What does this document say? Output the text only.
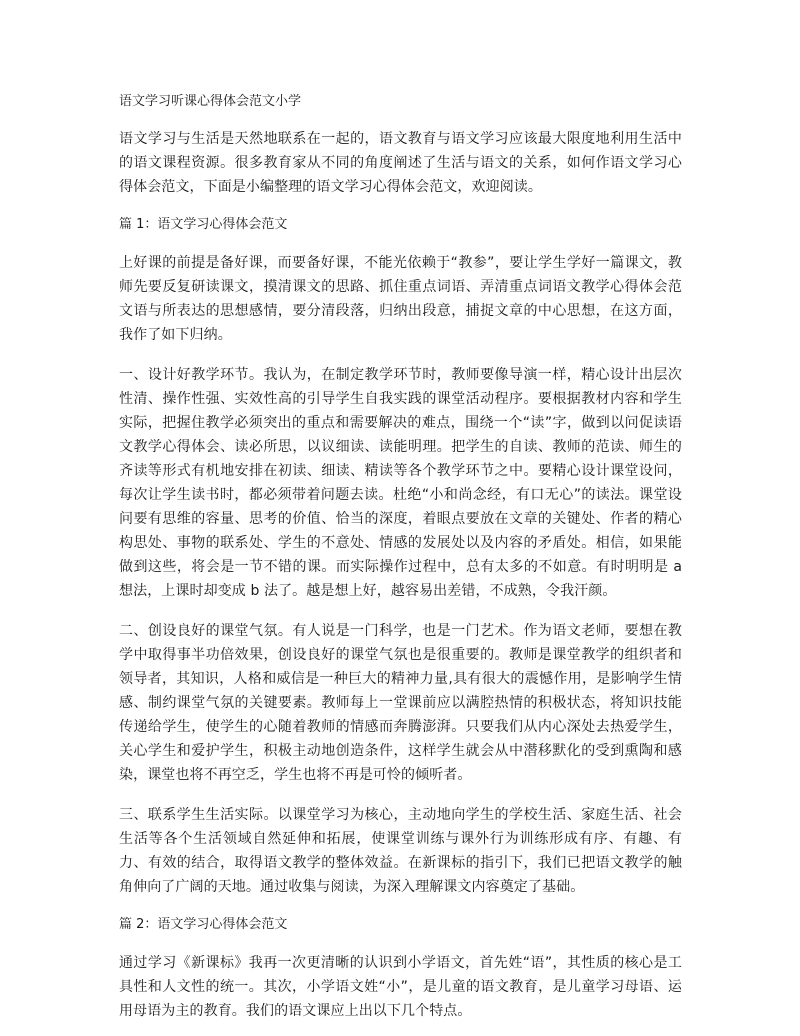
语文学习听课心得体会范文小学

语文学习与生活是天然地联系在一起的，语文教育与语文学习应该最大限度地利用生活中的语文课程资源。很多教育家从不同的角度阐述了生活与语文的关系，如何作语文学习心得体会范文，下面是小编整理的语文学习心得体会范文，欢迎阅读。

篇 1：语文学习心得体会范文

上好课的前提是备好课，而要备好课，不能光依赖于“教参”，要让学生学好一篇课文，教师先要反复研读课文，摸清课文的思路、抓住重点词语、弄清重点词语文教学心得体会范文语与所表达的思想感情，要分清段落，归纳出段意，捕捉文章的中心思想，在这方面，我作了如下归纳。

一、设计好教学环节。我认为，在制定教学环节时，教师要像导演一样，精心设计出层次性清、操作性强、实效性高的引导学生自我实践的课堂活动程序。要根据教材内容和学生实际，把握住教学必须突出的重点和需要解决的难点，围绕一个“读”字，做到以问促读语文教学心得体会、读必所思，以议细读、读能明理。把学生的自读、教师的范读、师生的齐读等形式有机地安排在初读、细读、精读等各个教学环节之中。要精心设计课堂设问，每次让学生读书时，都必须带着问题去读。杜绝“小和尚念经，有口无心”的读法。课堂设问要有思维的容量、思考的价值、恰当的深度，着眼点要放在文章的关键处、作者的精心构思处、事物的联系处、学生的不意处、情感的发展处以及内容的矛盾处。相信，如果能做到这些，将会是一节不错的课。而实际操作过程中，总有太多的不如意。有时明明是 a 想法，上课时却变成 b 法了。越是想上好，越容易出差错，不成熟，令我汗颜。

二、创设良好的课堂气氛。有人说是一门科学，也是一门艺术。作为语文老师，要想在教学中取得事半功倍效果，创设良好的课堂气氛也是很重要的。教师是课堂教学的组织者和领导者，其知识，人格和威信是一种巨大的精神力量,具有很大的震憾作用，是影响学生情感、制约课堂气氛的关键要素。教师每上一堂课前应以满腔热情的积极状态，将知识技能传递给学生，使学生的心随着教师的情感而奔腾澎湃。只要我们从内心深处去热爱学生，关心学生和爱护学生，积极主动地创造条件，这样学生就会从中潜移默化的受到熏陶和感染，课堂也将不再空乏，学生也将不再是可怜的倾听者。

三、联系学生生活实际。以课堂学习为核心，主动地向学生的学校生活、家庭生活、社会生活等各个生活领域自然延伸和拓展，使课堂训练与课外行为训练形成有序、有趣、有力、有效的结合，取得语文教学的整体效益。在新课标的指引下，我们已把语文教学的触角伸向了广阔的天地。通过收集与阅读，为深入理解课文内容奠定了基础。

篇 2：语文学习心得体会范文

通过学习《新课标》我再一次更清晰的认识到小学语文，首先姓“语”，其性质的核心是工具性和人文性的统一。其次，小学语文姓“小”，是儿童的语文教育，是儿童学习母语、运用母语为主的教育。我们的语文课应上出以下几个特点。
